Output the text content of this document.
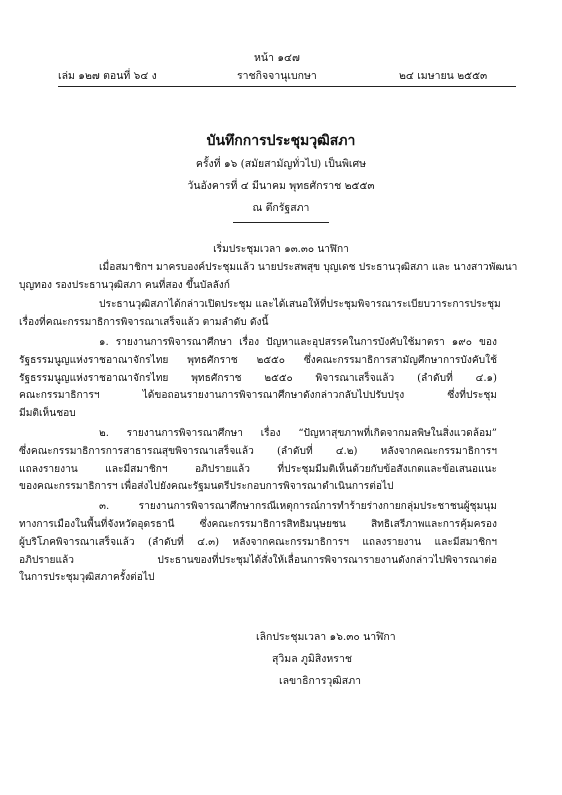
หน้า ๑๔๗
เล่ม ๑๒๗ ตอนที่ ๖๔ ง	ราชกิจจานุเบกษา	๒๔ เมษายน ๒๕๕๓
บันทึกการประชุมวุฒิสภา
ครั้งที่ ๑๖ (สมัยสามัญทั่วไป) เป็นพิเศษ
วันอังคารที่ ๔ มีนาคม พุทธศักราช ๒๕๕๓
ณ ตึกรัฐสภา
เริ่มประชุมเวลา ๑๓.๓๐ นาฬิกา
เมื่อสมาชิกฯ มาครบองค์ประชุมแล้ว นายประสพสุข บุญเดช ประธานวุฒิสภา และ นางสาวพัฒนา
บุญทอง รองประธานวุฒิสภา คนที่สอง ขึ้นบัลลังก์
ประธานวุฒิสภาได้กล่าวเปิดประชุม และได้เสนอให้ที่ประชุมพิจารณาระเบียบวาระการประชุม
เรื่องที่คณะกรรมาธิการพิจารณาเสร็จแล้ว ตามลำดับ ดังนี้
๑. รายงานการพิจารณาศึกษา เรื่อง ปัญหาและอุปสรรคในการบังคับใช้มาตรา ๑๙๐ ของ
รัฐธรรมนูญแห่งราชอาณาจักรไทย พุทธศักราช ๒๕๕๐ ซึ่งคณะกรรมาธิการสามัญศึกษาการบังคับใช้
รัฐธรรมนูญแห่งราชอาณาจักรไทย พุทธศักราช ๒๕๕๐ พิจารณาเสร็จแล้ว (ลำดับที่ ๔.๑)
คณะกรรมาธิการฯ ได้ขอถอนรายงานการพิจารณาศึกษาดังกล่าวกลับไปปรับปรุง ซึ่งที่ประชุม
มีมติเห็นชอบ
๒. รายงานการพิจารณาศึกษา เรื่อง “ปัญหาสุขภาพที่เกิดจากมลพิษในสิ่งแวดล้อม”
ซึ่งคณะกรรมาธิการการสาธารณสุขพิจารณาเสร็จแล้ว (ลำดับที่ ๔.๒) หลังจากคณะกรรมาธิการฯ
แถลงรายงาน และมีสมาชิกฯ อภิปรายแล้ว ที่ประชุมมีมติเห็นด้วยกับข้อสังเกตและข้อเสนอแนะ
ของคณะกรรมาธิการฯ เพื่อส่งไปยังคณะรัฐมนตรีประกอบการพิจารณาดำเนินการต่อไป
๓. รายงานการพิจารณาศึกษากรณีเหตุการณ์การทำร้ายร่างกายกลุ่มประชาชนผู้ชุมนุม
ทางการเมืองในพื้นที่จังหวัดอุดรธานี ซึ่งคณะกรรมาธิการสิทธิมนุษยชน สิทธิเสรีภาพและการคุ้มครอง
ผู้บริโภคพิจารณาเสร็จแล้ว (ลำดับที่ ๔.๓) หลังจากคณะกรรมาธิการฯ แถลงรายงาน และมีสมาชิกฯ
อภิปรายแล้ว ประธานของที่ประชุมได้สั่งให้เลื่อนการพิจารณารายงานดังกล่าวไปพิจารณาต่อ
ในการประชุมวุฒิสภาครั้งต่อไป
เลิกประชุมเวลา ๑๖.๓๐ นาฬิกา
สุวิมล ภูมิสิงหราช
เลขาธิการวุฒิสภา
